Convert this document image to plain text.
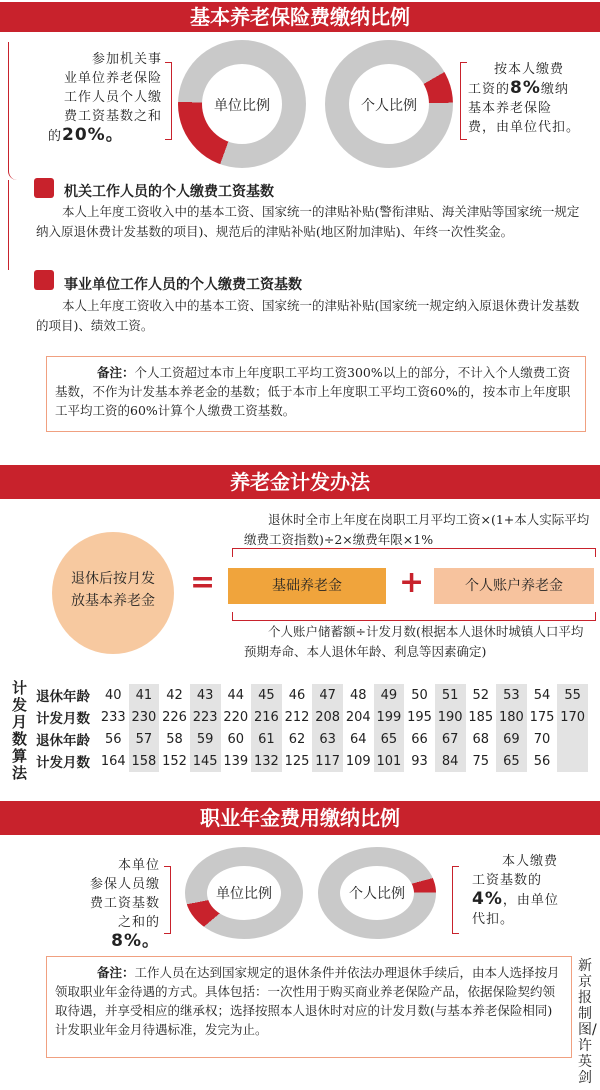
基本养老保险费缴纳比例
参加机关事
业单位养老保险
工作人员个人缴
费工资基数之和
的20%。
单位比例	个人比例
按本人缴费
工资的8%缴纳
基本养老保险
费，由单位代扣。
机关工作人员的个人缴费工资基数
本人上年度工资收入中的基本工资、国家统一的津贴补贴(警衔津贴、海关津贴等国家统一规定纳入原退休费计发基数的项目)、规范后的津贴补贴(地区附加津贴)、年终一次性奖金。
事业单位工作人员的个人缴费工资基数
本人上年度工资收入中的基本工资、国家统一的津贴补贴(国家统一规定纳入原退休费计发基数的项目)、绩效工资。
备注：个人工资超过本市上年度职工平均工资300%以上的部分，不计入个人缴费工资基数，不作为计发基本养老金的基数；低于本市上年度职工平均工资60%的，按本市上年度职工平均工资的60%计算个人缴费工资基数。
养老金计发办法
退休时全市上年度在岗职工月平均工资×(1+本人实际平均缴费工资指数)÷2×缴费年限×1%
退休后按月发放基本养老金
=	基础养老金	+	个人账户养老金
个人账户储蓄额÷计发月数(根据本人退休时城镇人口平均预期寿命、本人退休年龄、利息等因素确定)
计发月数算法
退休年龄	40	41	42	43	44	45	46	47	48	49	50	51	52	53	54	55
计发月数	233	230	226	223	220	216	212	208	204	199	195	190	185	180	175	170
退休年龄	56	57	58	59	60	61	62	63	64	65	66	67	68	69	70	
计发月数	164	158	152	145	139	132	125	117	109	101	93	84	75	65	56	
职业年金费用缴纳比例
本单位
参保人员缴
费工资基数
之和的
8%。
单位比例	个人比例
本人缴费
工资基数的
4%，由单位
代扣。
备注：工作人员在达到国家规定的退休条件并依法办理退休手续后，由本人选择按月领取职业年金待遇的方式。具体包括：一次性用于购买商业养老保险产品，依据保险契约领取待遇，并享受相应的继承权；选择按照本人退休时对应的计发月数(与基本养老保险相同)计发职业年金月待遇标准，发完为止。
新京报制图/许英剑
